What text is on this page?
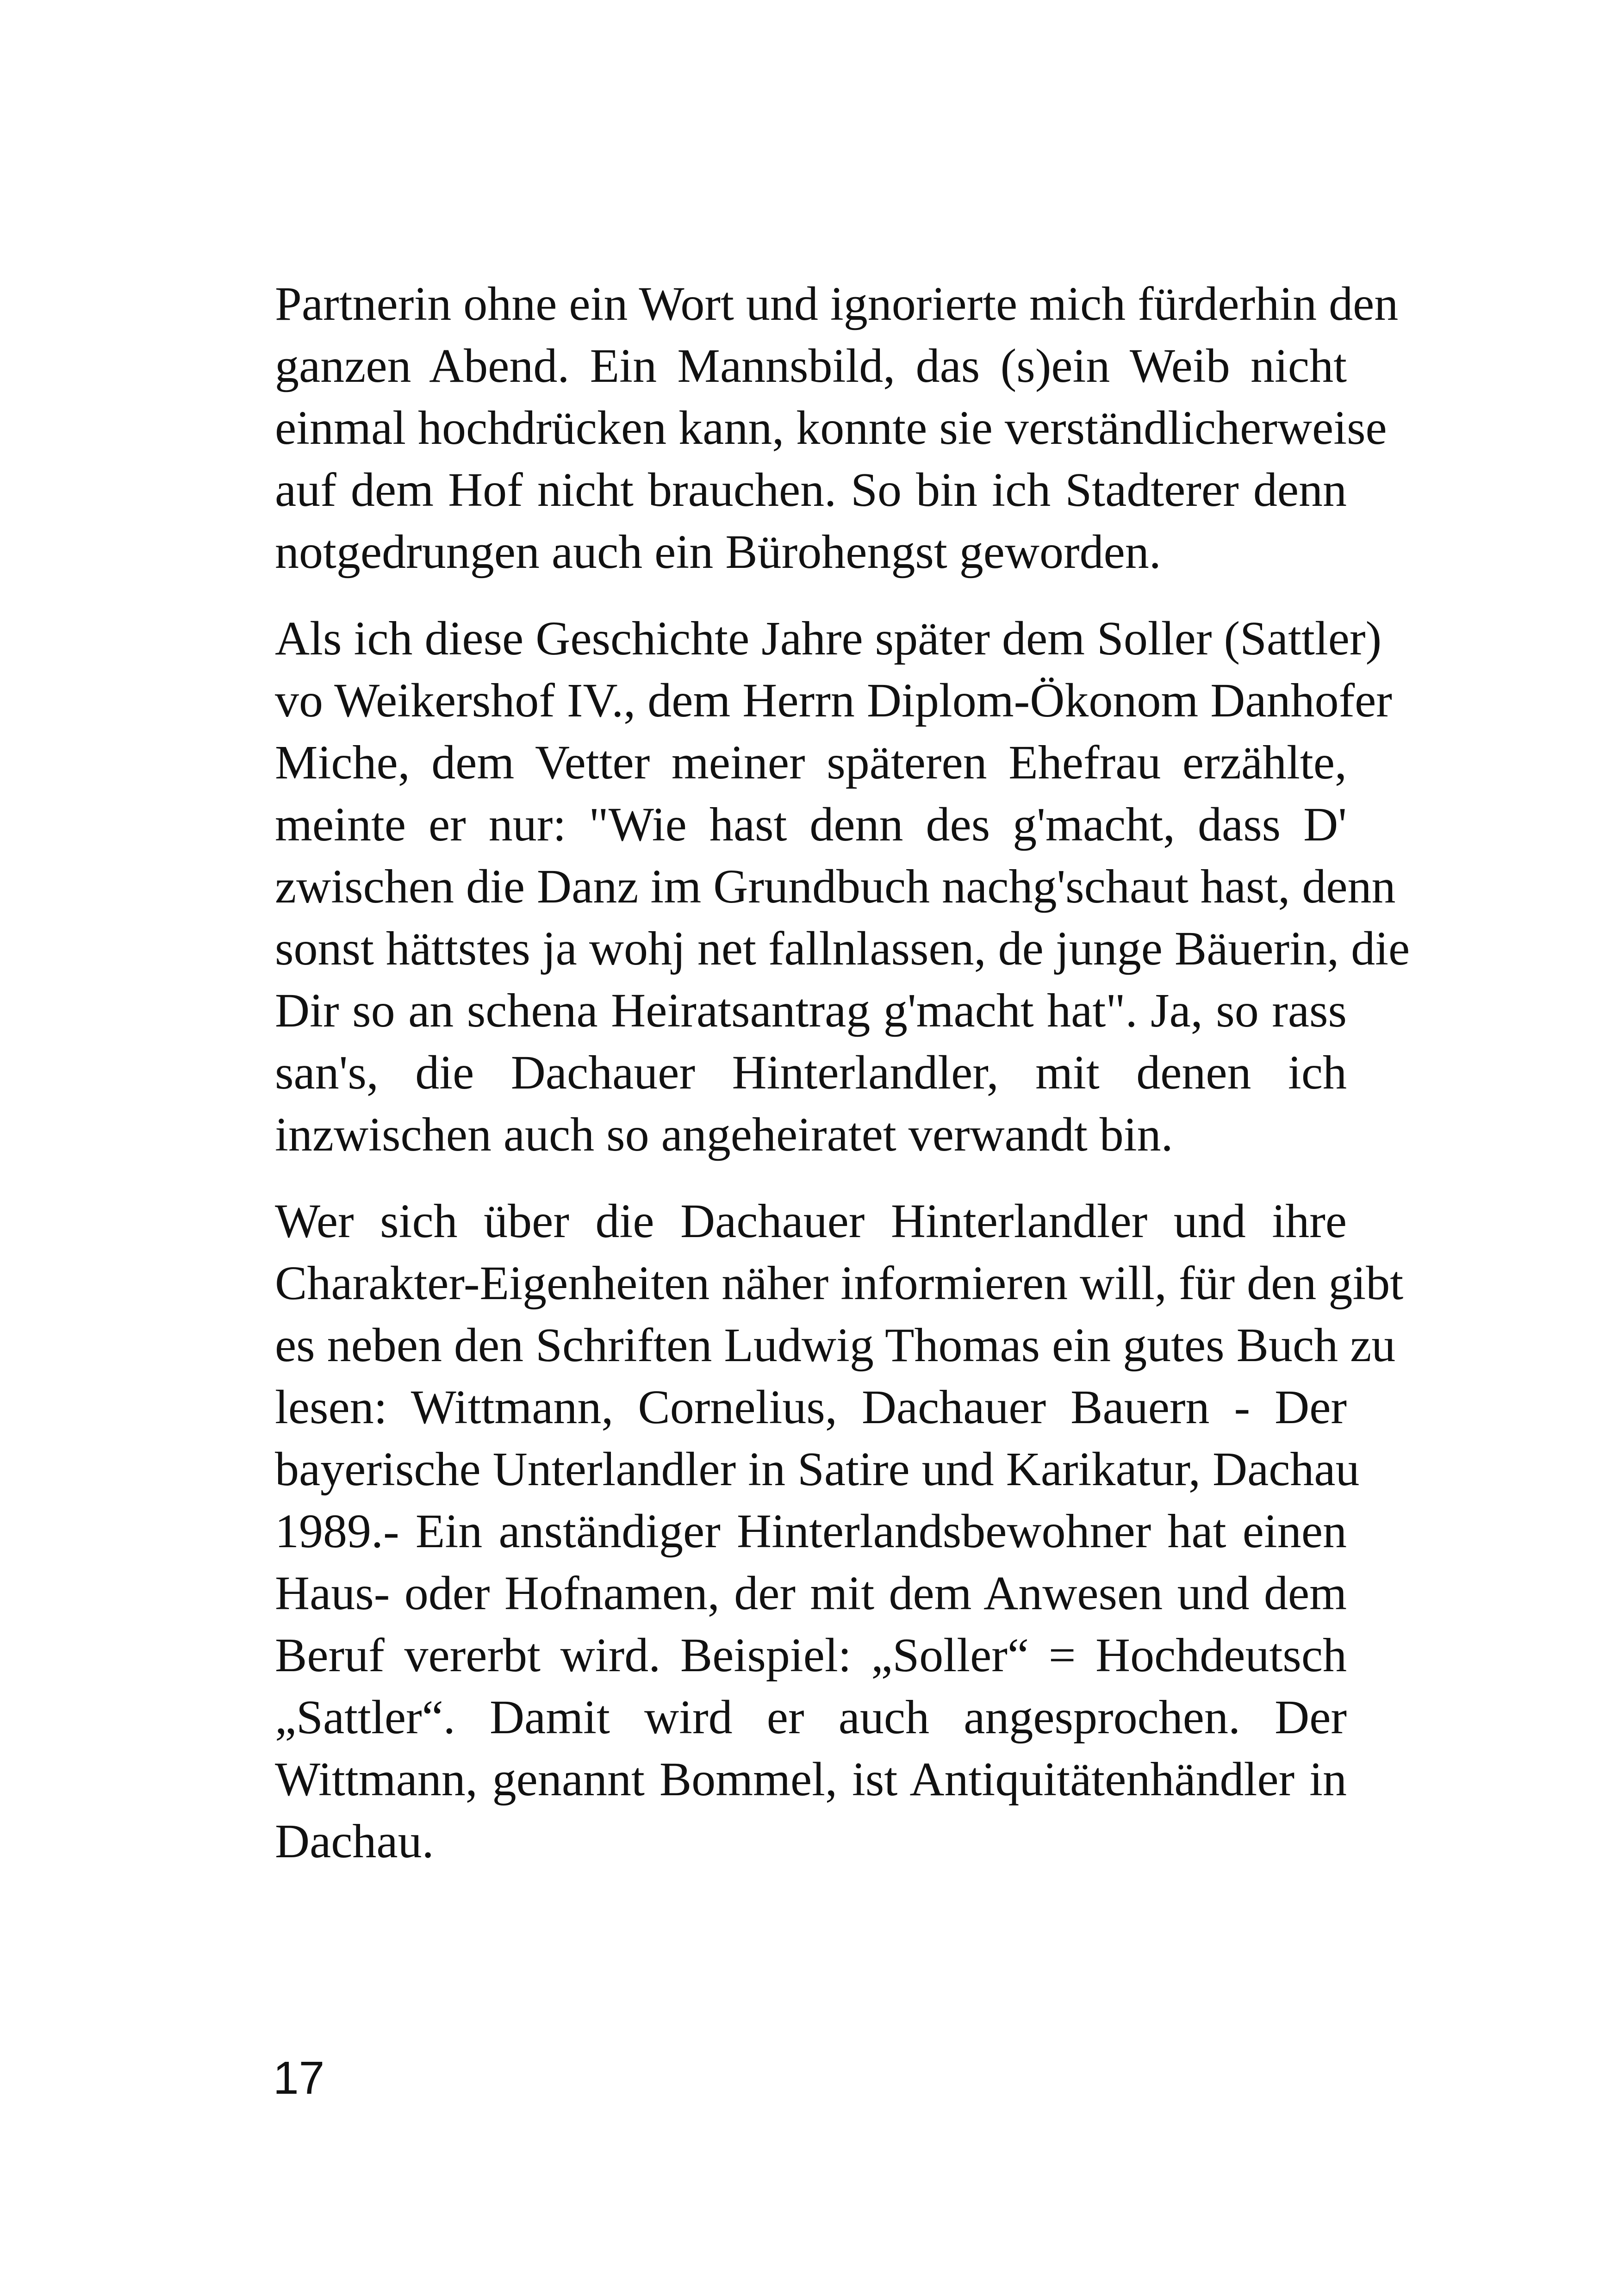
Partnerin ohne ein Wort und ignorierte mich fürderhin den
ganzen Abend. Ein Mannsbild, das (s)ein Weib nicht
einmal hochdrücken kann, konnte sie verständlicherweise
auf dem Hof nicht brauchen. So bin ich Stadterer denn
notgedrungen auch ein Bürohengst geworden.

Als ich diese Geschichte Jahre später dem Soller (Sattler)
vo Weikershof IV., dem Herrn Diplom-Ökonom Danhofer
Miche, dem Vetter meiner späteren Ehefrau erzählte,
meinte er nur: "Wie hast denn des g'macht, dass D'
zwischen die Danz im Grundbuch nachg'schaut hast, denn
sonst hättstes ja wohj net fallnlassen, de junge Bäuerin, die
Dir so an schena Heiratsantrag g'macht hat". Ja, so rass
san's, die Dachauer Hinterlandler, mit denen ich
inzwischen auch so angeheiratet verwandt bin.

Wer sich über die Dachauer Hinterlandler und ihre
Charakter-Eigenheiten näher informieren will, für den gibt
es neben den Schriften Ludwig Thomas ein gutes Buch zu
lesen: Wittmann, Cornelius, Dachauer Bauern - Der
bayerische Unterlandler in Satire und Karikatur, Dachau
1989.- Ein anständiger Hinterlandsbewohner hat einen
Haus- oder Hofnamen, der mit dem Anwesen und dem
Beruf vererbt wird. Beispiel: „Soller“ = Hochdeutsch
„Sattler“. Damit wird er auch angesprochen. Der
Wittmann, genannt Bommel, ist Antiquitätenhändler in
Dachau.

17
